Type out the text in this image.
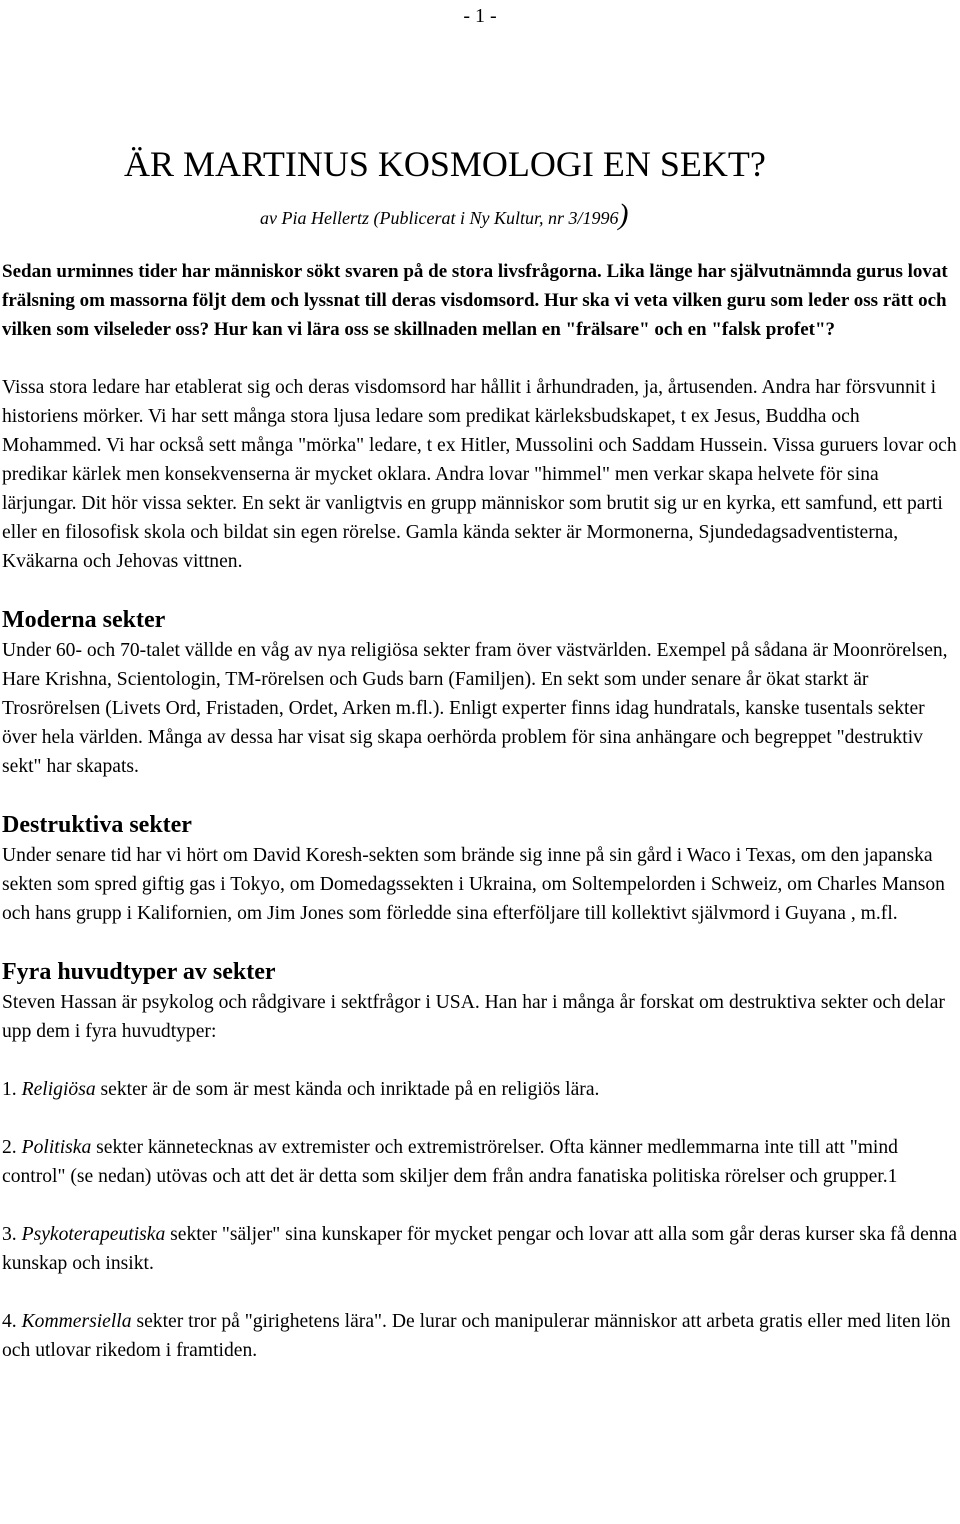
- 1 -
ÄR MARTINUS KOSMOLOGI EN SEKT?
av Pia Hellertz (Publicerat i Ny Kultur, nr 3/1996)

Sedan urminnes tider har människor sökt svaren på de stora livsfrågorna. Lika länge har självutnämnda gurus lovat frälsning om massorna följt dem och lyssnat till deras visdomsord. Hur ska vi veta vilken guru som leder oss rätt och vilken som vilseleder oss? Hur kan vi lära oss se skillnaden mellan en "frälsare" och en "falsk profet"?

Vissa stora ledare har etablerat sig och deras visdomsord har hållit i århundraden, ja, årtusenden. Andra har försvunnit i historiens mörker. Vi har sett många stora ljusa ledare som predikat kärleksbudskapet, t ex Jesus, Buddha och Mohammed. Vi har också sett många "mörka" ledare, t ex Hitler, Mussolini och Saddam Hussein. Vissa guruers lovar och predikar kärlek men konsekvenserna är mycket oklara. Andra lovar "himmel" men verkar skapa helvete för sina lärjungar. Dit hör vissa sekter. En sekt är vanligtvis en grupp människor som brutit sig ur en kyrka, ett samfund, ett parti eller en filosofisk skola och bildat sin egen rörelse. Gamla kända sekter är Mormonerna, Sjundedagsadventisterna, Kväkarna och Jehovas vittnen.

Moderna sekter

Under 60- och 70-talet vällde en våg av nya religiösa sekter fram över västvärlden. Exempel på sådana är Moonrörelsen, Hare Krishna, Scientologin, TM-rörelsen och Guds barn (Familjen). En sekt som under senare år ökat starkt är Trosrörelsen (Livets Ord, Fristaden, Ordet, Arken m.fl.). Enligt experter finns idag hundratals, kanske tusentals sekter över hela världen. Många av dessa har visat sig skapa oerhörda problem för sina anhängare och begreppet "destruktiv sekt" har skapats.

Destruktiva sekter

Under senare tid har vi hört om David Koresh-sekten som brände sig inne på sin gård i Waco i Texas, om den japanska sekten som spred giftig gas i Tokyo, om Domedagssekten i Ukraina, om Soltempelorden i Schweiz, om Charles Manson och hans grupp i Kalifornien, om Jim Jones som förledde sina efterföljare till kollektivt självmord i Guyana , m.fl.

Fyra huvudtyper av sekter

Steven Hassan är psykolog och rådgivare i sektfrågor i USA. Han har i många år forskat om destruktiva sekter och delar upp dem i fyra huvudtyper:

1. Religiösa sekter är de som är mest kända och inriktade på en religiös lära.

2. Politiska sekter kännetecknas av extremister och extremiströrelser. Ofta känner medlemmarna inte till att "mind control" (se nedan) utövas och att det är detta som skiljer dem från andra fanatiska politiska rörelser och grupper.1

3. Psykoterapeutiska sekter "säljer" sina kunskaper för mycket pengar och lovar att alla som går deras kurser ska få denna kunskap och insikt.

4. Kommersiella sekter tror på "girighetens lära". De lurar och manipulerar människor att arbeta gratis eller med liten lön och utlovar rikedom i framtiden.
